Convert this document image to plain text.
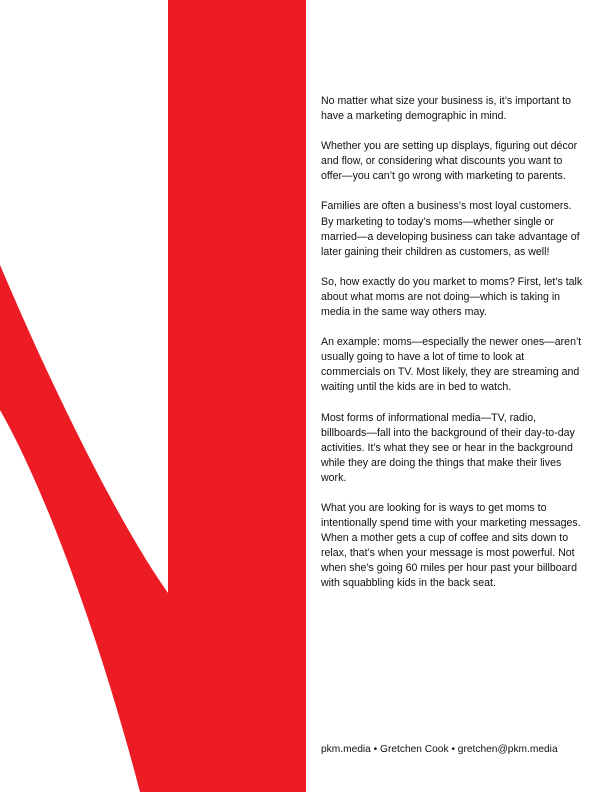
No matter what size your business is, it’s important to have a marketing demographic in mind.

Whether you are setting up displays, figuring out décor and flow, or considering what discounts you want to offer—you can’t go wrong with marketing to parents.

Families are often a business’s most loyal customers. By marketing to today’s moms—whether single or married—a developing business can take advantage of later gaining their children as customers, as well!

So, how exactly do you market to moms? First, let’s talk about what moms are not doing—which is taking in media in the same way others may.

An example: moms—especially the newer ones—aren’t usually going to have a lot of time to look at commercials on TV. Most likely, they are streaming and waiting until the kids are in bed to watch.

Most forms of informational media—TV, radio, billboards—fall into the background of their day-to-day activities. It’s what they see or hear in the background while they are doing the things that make their lives work.

What you are looking for is ways to get moms to intentionally spend time with your marketing messages. When a mother gets a cup of coffee and sits down to relax, that’s when your message is most powerful. Not when she’s going 60 miles per hour past your billboard with squabbling kids in the back seat.

pkm.media • Gretchen Cook • gretchen@pkm.media
